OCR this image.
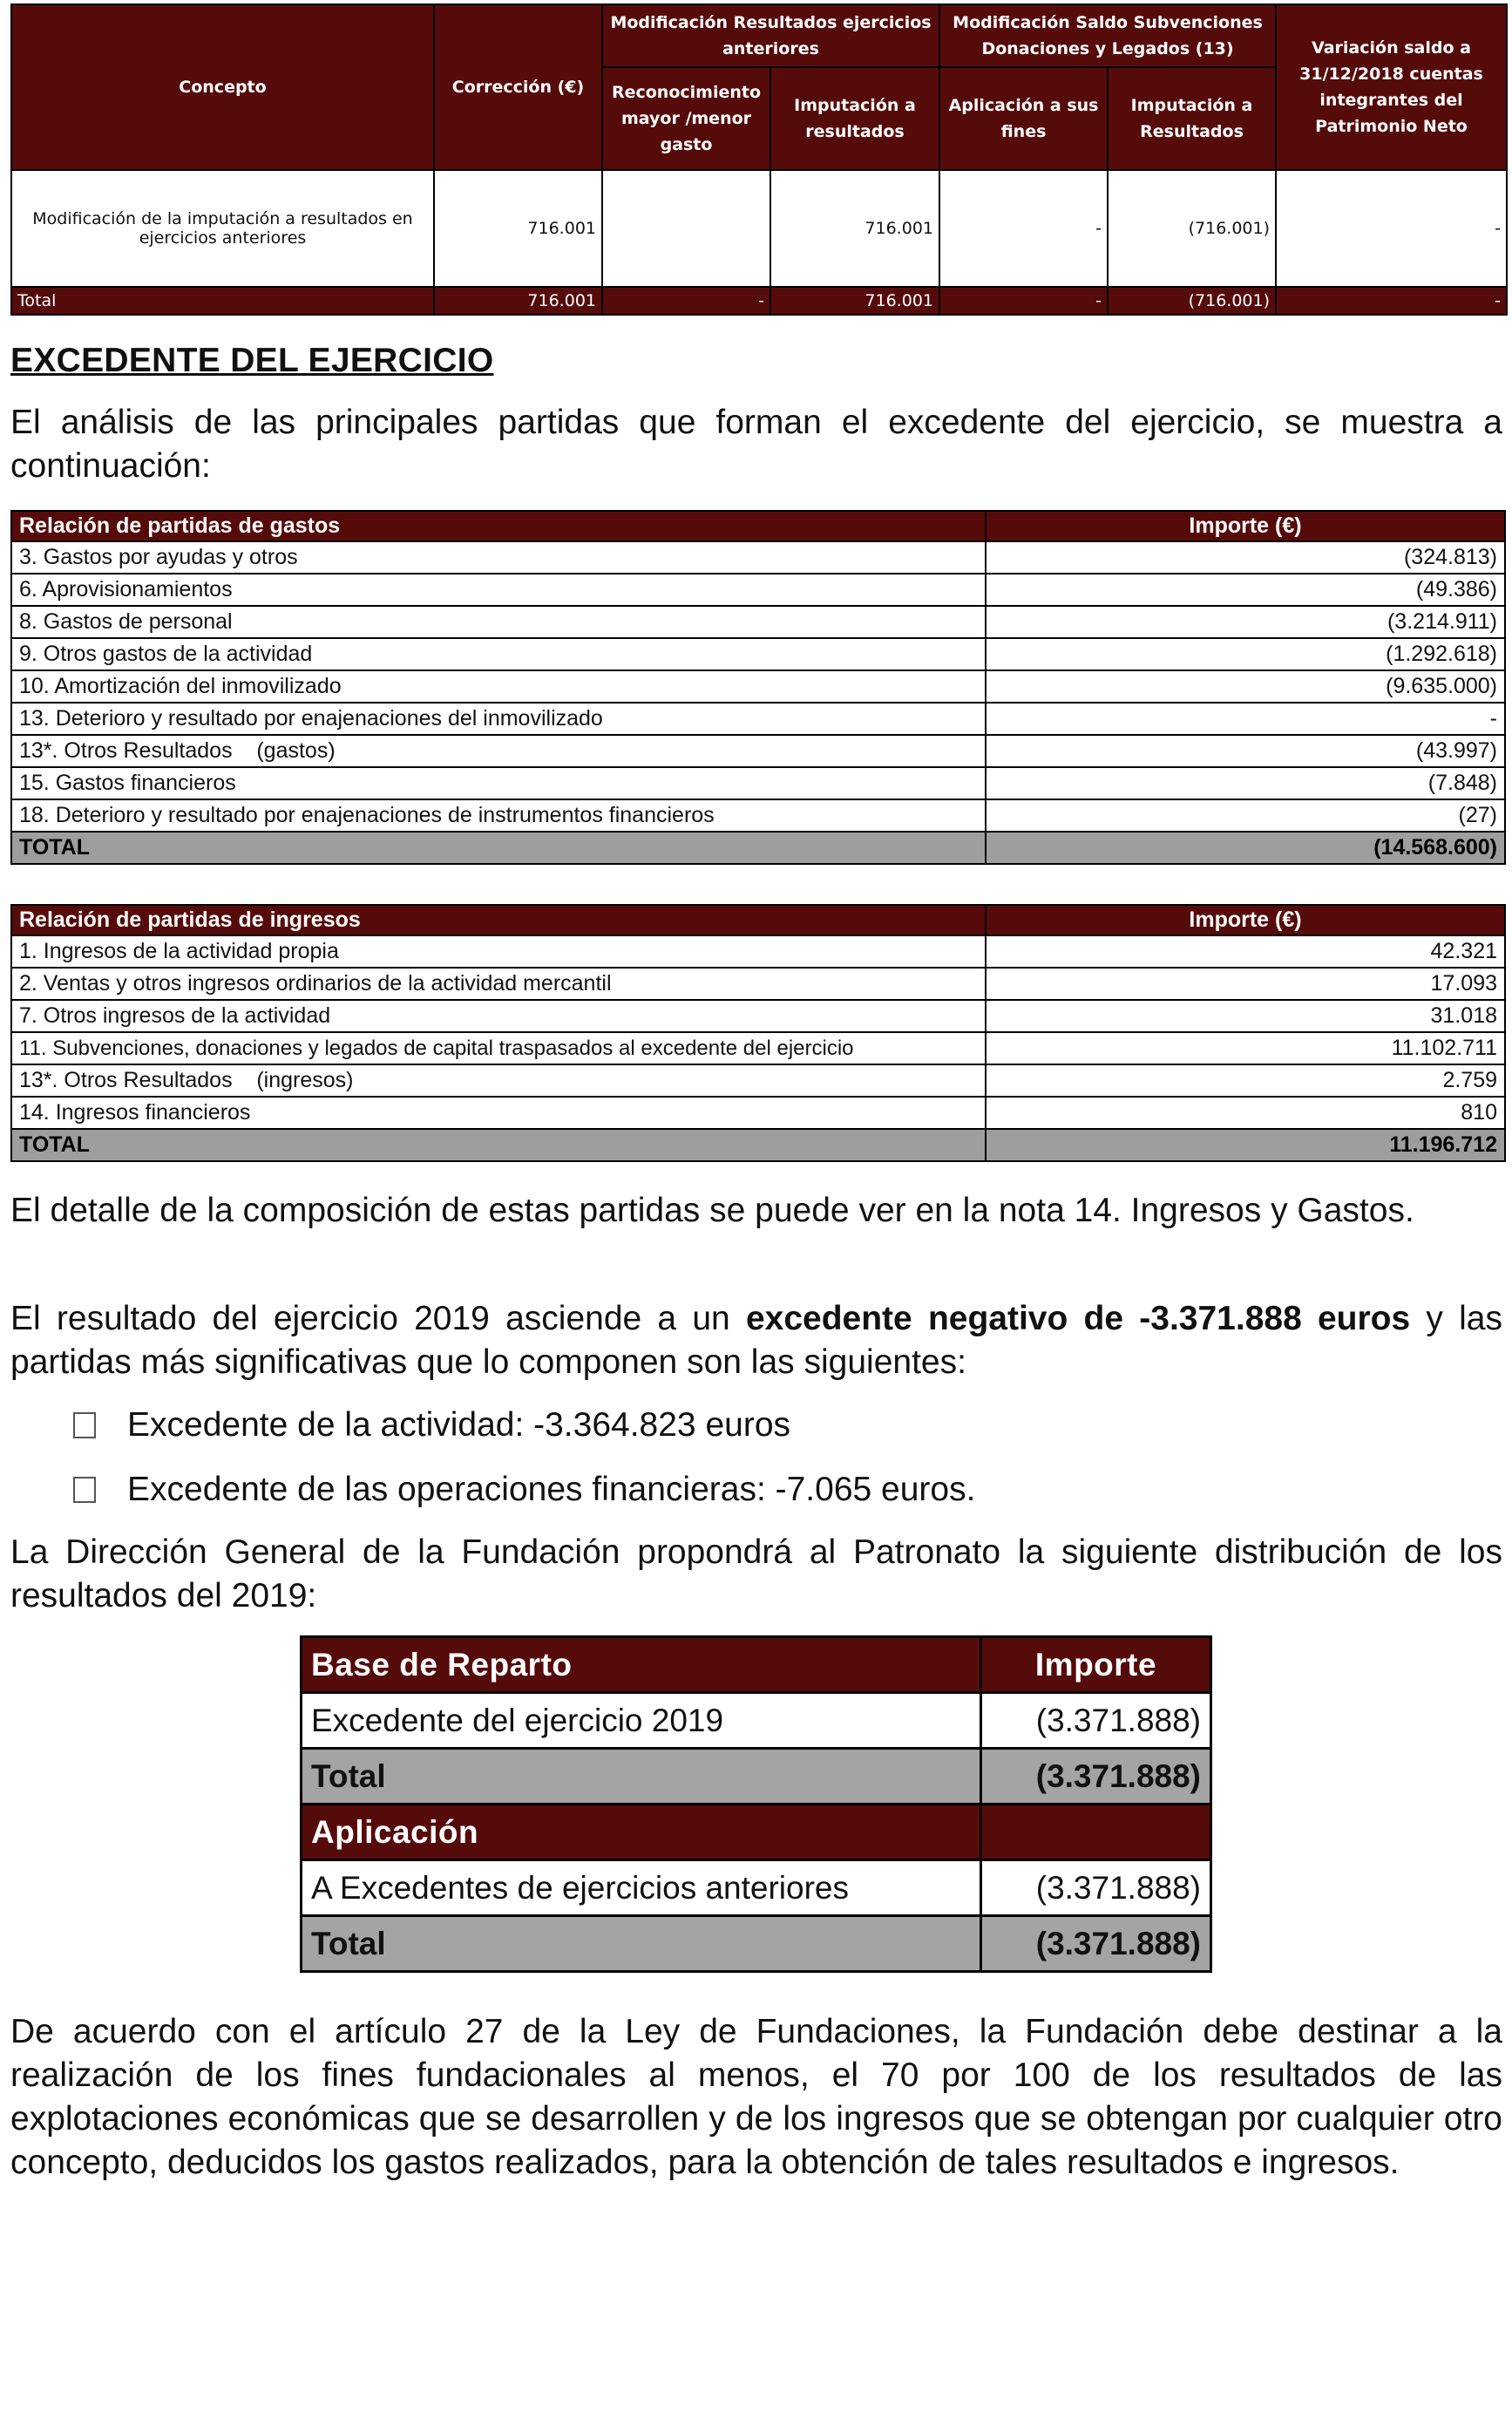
Concepto	Corrección (€)	Modificación Resultados ejercicios anteriores		Modificación Saldo Subvenciones Donaciones y Legados (13)		Variación saldo a 31/12/2018 cuentas integrantes del Patrimonio Neto
		Reconocimiento mayor /menor gasto	Imputación a resultados	Aplicación a sus fines	Imputación a Resultados	
Modificación de la imputación a resultados en ejercicios anteriores	716.001		716.001	-	(716.001)	-
Total	716.001	-	716.001	-	(716.001)	-
EXCEDENTE DEL EJERCICIO

El análisis de las principales partidas que forman el excedente del ejercicio, se muestra a continuación:

Relación de partidas de gastos	Importe (€)
3. Gastos por ayudas y otros	(324.813)
6. Aprovisionamientos	(49.386)
8. Gastos de personal	(3.214.911)
9. Otros gastos de la actividad	(1.292.618)
10. Amortización del inmovilizado	(9.635.000)
13. Deterioro y resultado por enajenaciones del inmovilizado	-
13*. Otros Resultados    (gastos)	(43.997)
15. Gastos financieros	(7.848)
18. Deterioro y resultado por enajenaciones de instrumentos financieros	(27)
TOTAL	(14.568.600)
Relación de partidas de ingresos	Importe (€)
1. Ingresos de la actividad propia	42.321
2. Ventas y otros ingresos ordinarios de la actividad mercantil	17.093
7. Otros ingresos de la actividad	31.018
11. Subvenciones, donaciones y legados de capital traspasados al excedente del ejercicio	11.102.711
13*. Otros Resultados    (ingresos)	2.759
14. Ingresos financieros	810
TOTAL	11.196.712

El detalle de la composición de estas partidas se puede ver en la nota 14. Ingresos y Gastos.

El resultado del ejercicio 2019 asciende a un excedente negativo de -3.371.888 euros y las partidas más significativas que lo componen son las siguientes:

Excedente de la actividad: -3.364.823 euros

Excedente de las operaciones financieras: -7.065 euros.

La Dirección General de la Fundación propondrá al Patronato la siguiente distribución de los resultados del 2019:

Base de Reparto	Importe
Excedente del ejercicio 2019	(3.371.888)
Total	(3.371.888)
Aplicación	
A Excedentes de ejercicios anteriores	(3.371.888)
Total	(3.371.888)

De acuerdo con el artículo 27 de la Ley de Fundaciones, la Fundación debe destinar a la realización de los fines fundacionales al menos, el 70 por 100 de los resultados de las explotaciones económicas que se desarrollen y de los ingresos que se obtengan por cualquier otro concepto, deducidos los gastos realizados, para la obtención de tales resultados e ingresos.
